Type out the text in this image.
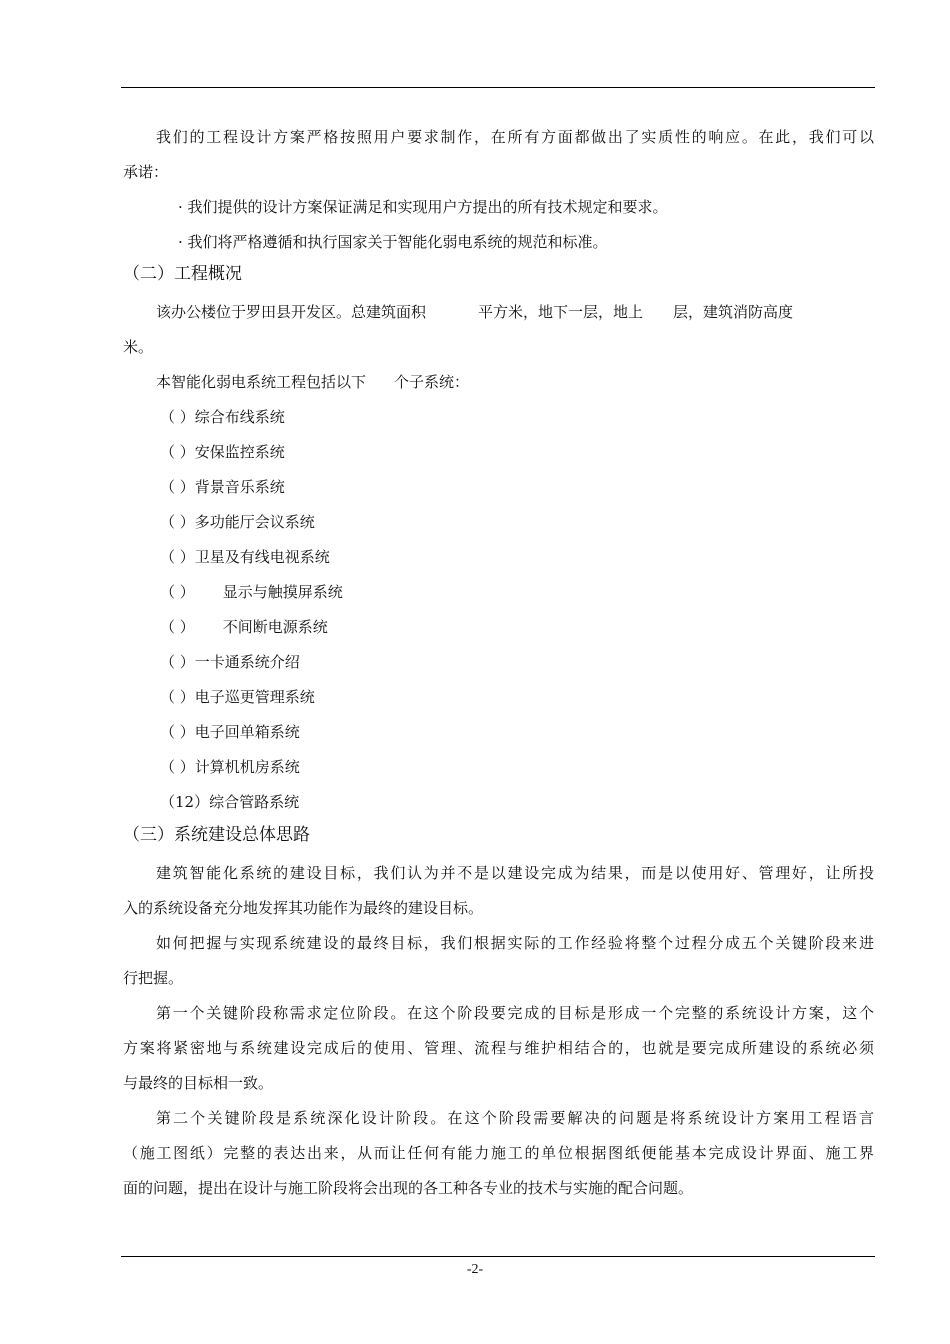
我们的工程设计方案严格按照用户要求制作，在所有方面都做出了实质性的响应。在此，我们可以
承诺：
· 我们提供的设计方案保证满足和实现用户方提出的所有技术规定和要求。
· 我们将严格遵循和执行国家关于智能化弱电系统的规范和标准。
（二）工程概况
该办公楼位于罗田县开发区。总建筑面积	平方米，地下一层，地上 层，建筑消防高度
米。
本智能化弱电系统工程包括以下 个子系统：
（ ）综合布线系统
（ ）安保监控系统
（ ）背景音乐系统
（ ）多功能厅会议系统
（ ）卫星及有线电视系统
（ ） 显示与触摸屏系统
（ ） 不间断电源系统
（ ）一卡通系统介绍
（ ）电子巡更管理系统
（ ）电子回单箱系统
（ ）计算机机房系统
（12）综合管路系统
（三）系统建设总体思路
建筑智能化系统的建设目标，我们认为并不是以建设完成为结果，而是以使用好、管理好，让所投
入的系统设备充分地发挥其功能作为最终的建设目标。
如何把握与实现系统建设的最终目标，我们根据实际的工作经验将整个过程分成五个关键阶段来进
行把握。
第一个关键阶段称需求定位阶段。在这个阶段要完成的目标是形成一个完整的系统设计方案，这个
方案将紧密地与系统建设完成后的使用、管理、流程与维护相结合的，也就是要完成所建设的系统必须
与最终的目标相一致。
第二个关键阶段是系统深化设计阶段。在这个阶段需要解决的问题是将系统设计方案用工程语言
（施工图纸）完整的表达出来，从而让任何有能力施工的单位根据图纸便能基本完成设计界面、施工界
面的问题，提出在设计与施工阶段将会出现的各工种各专业的技术与实施的配合问题。
-2-
